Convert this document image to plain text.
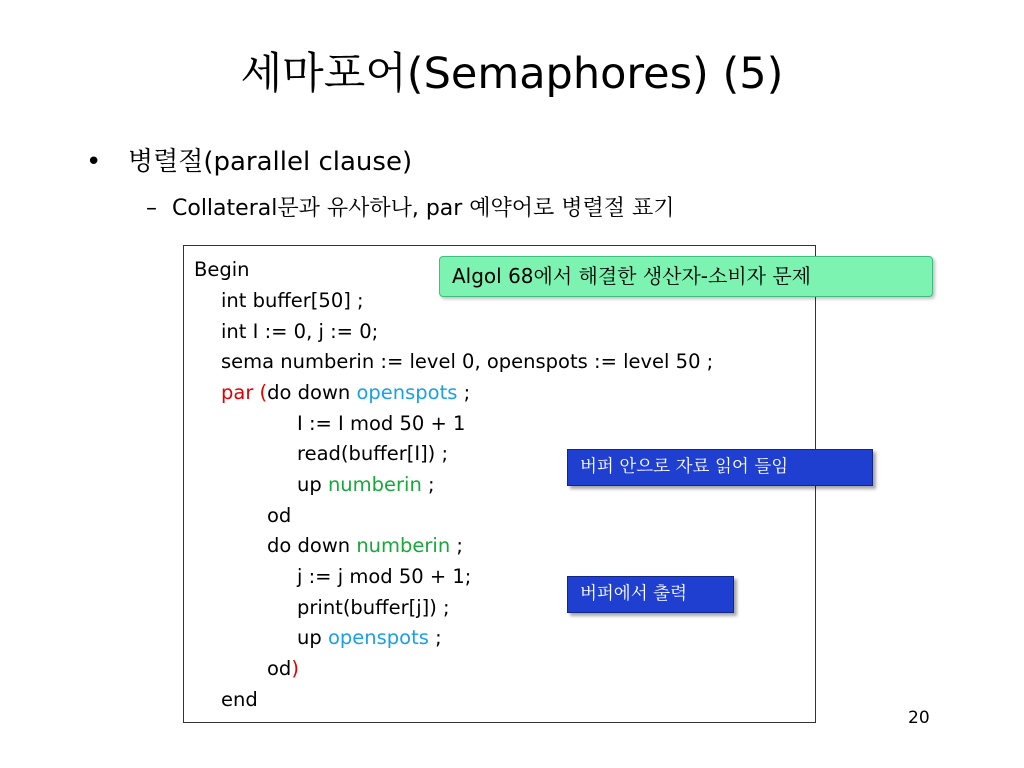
세마포어(Semaphores) (5)
• 병렬절(parallel clause)
– Collateral문과 유사하나, par 예약어로 병렬절 표기
Begin
int buffer[50] ;
int I := 0, j := 0;
sema numberin := level 0, openspots := level 50 ;
par (do down openspots ;
I := I mod 50 + 1
read(buffer[I]) ;
up numberin ;
od
do down numberin ;
j := j mod 50 + 1;
print(buffer[j]) ;
up openspots ;
od)
end
Algol 68에서 해결한 생산자-소비자 문제
버퍼 안으로 자료 읽어 들임
버퍼에서 출력
20
